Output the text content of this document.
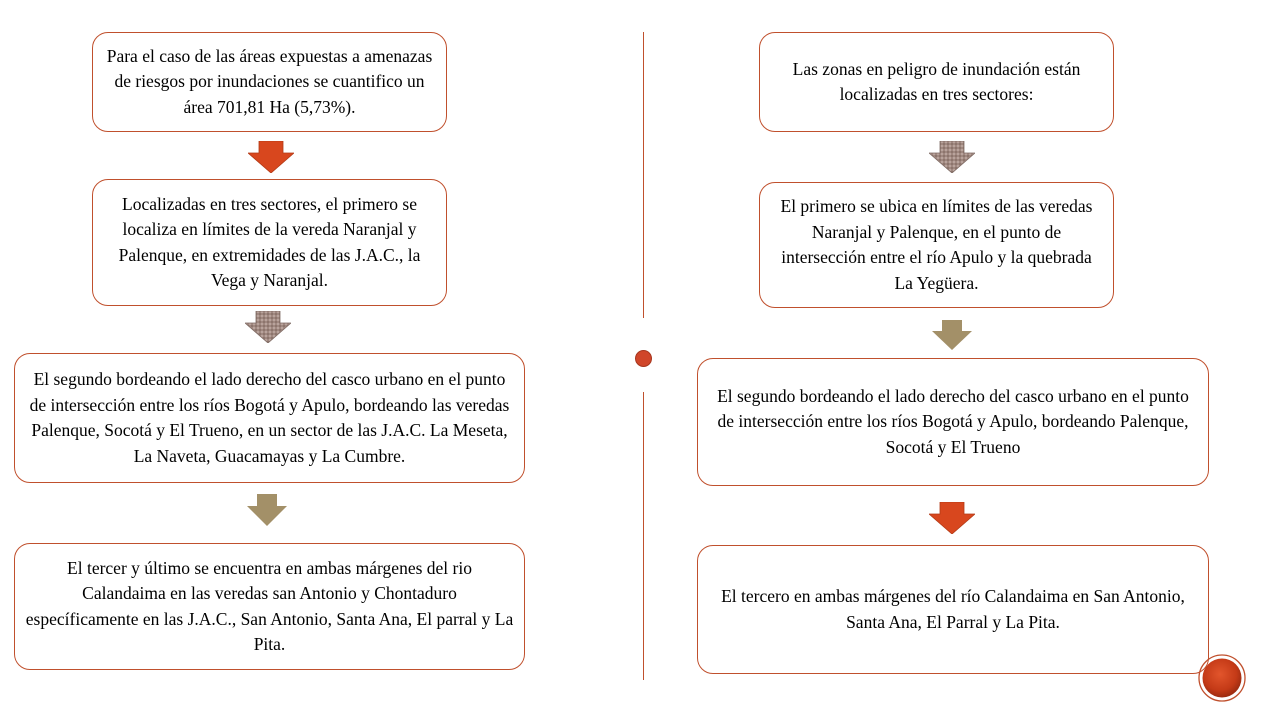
Para el caso de las áreas expuestas a amenazas de riesgos por inundaciones se cuantifico un área 701,81 Ha (5,73%).
Localizadas en tres sectores, el primero se localiza en límites de la vereda Naranjal y Palenque, en extremidades de las J.A.C., la Vega y Naranjal.
El segundo bordeando el lado derecho del casco urbano en el punto de intersección entre los ríos Bogotá y Apulo, bordeando las veredas Palenque, Socotá y El Trueno, en un sector de las J.A.C. La Meseta, La Naveta, Guacamayas y La Cumbre.
El tercer y último se encuentra en ambas márgenes del rio Calandaima en las veredas san Antonio y Chontaduro específicamente en las J.A.C., San Antonio, Santa Ana, El parral y La Pita.
Las zonas en peligro de inundación están localizadas en tres sectores:
El primero se ubica en límites de las veredas Naranjal y Palenque, en el punto de intersección entre el río Apulo y la quebrada La Yegüera.
El segundo bordeando el lado derecho del casco urbano en el punto de intersección entre los ríos Bogotá y Apulo, bordeando Palenque, Socotá y El Trueno
El tercero en ambas márgenes del río Calandaima en San Antonio, Santa Ana, El Parral y La Pita.
